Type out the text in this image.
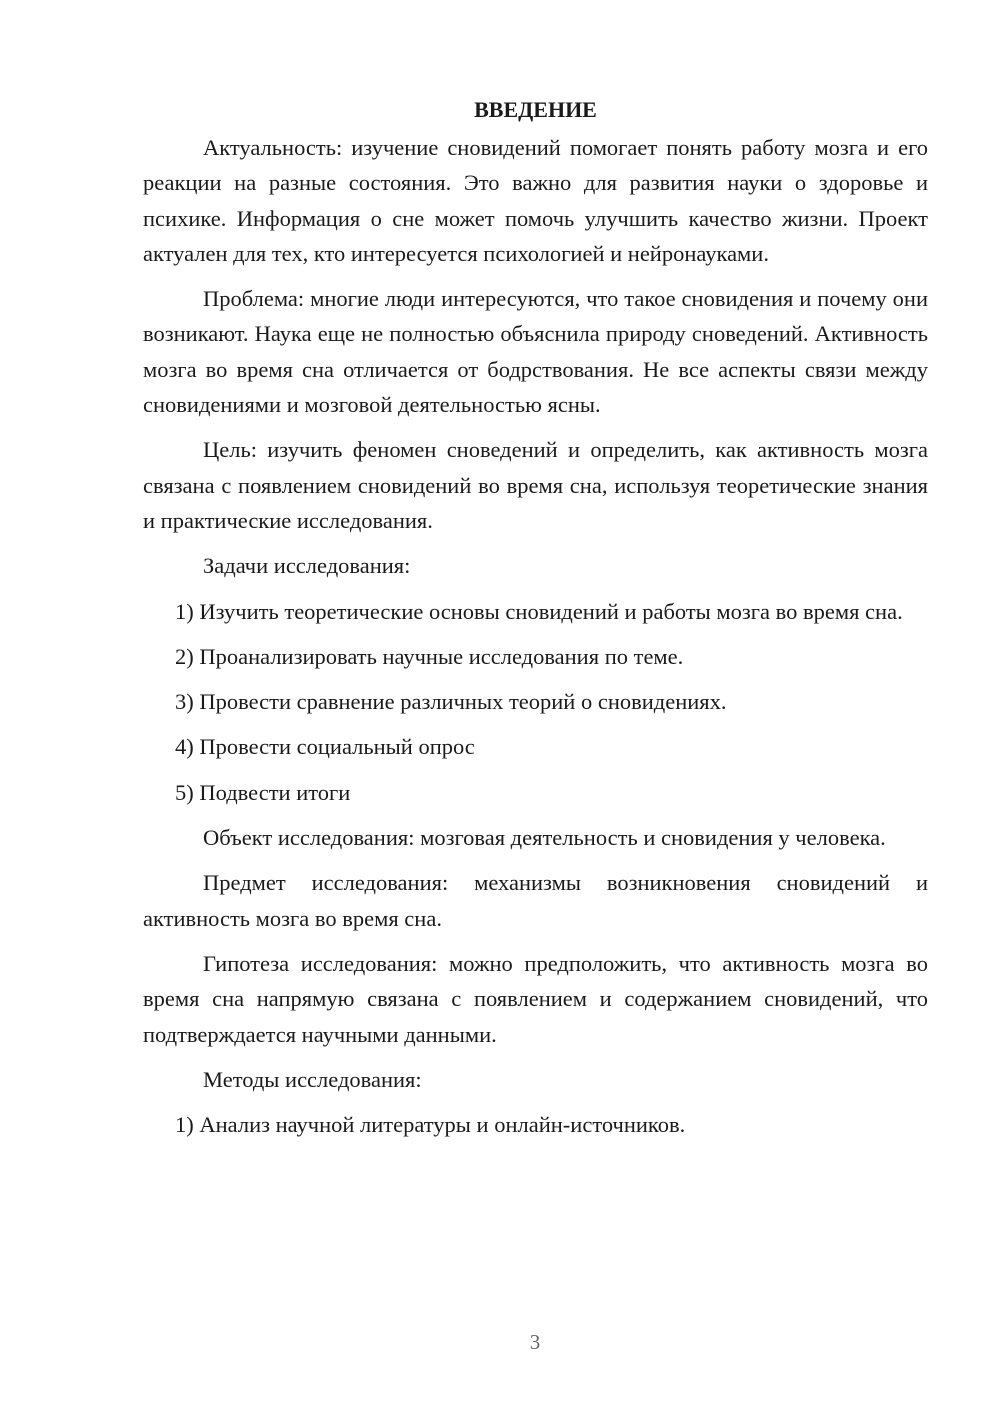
ВВЕДЕНИЕ

Актуальность: изучение сновидений помогает понять работу мозга и его реакции на разные состояния. Это важно для развития науки о здоровье и психике. Информация о сне может помочь улучшить качество жизни. Проект актуален для тех, кто интересуется психологией и нейронауками.

Проблема: многие люди интересуются, что такое сновидения и почему они возникают. Наука еще не полностью объяснила природу сноведений. Активность мозга во время сна отличается от бодрствования. Не все аспекты связи между сновидениями и мозговой деятельностью ясны.

Цель: изучить феномен сноведений и определить, как активность мозга связана с появлением сновидений во время сна, используя теоретические знания и практические исследования.

Задачи исследования:

1) Изучить теоретические основы сновидений и работы мозга во время сна.

2) Проанализировать научные исследования по теме.

3) Провести сравнение различных теорий о сновидениях.

4) Провести социальный опрос

5) Подвести итоги

Объект исследования: мозговая деятельность и сновидения у человека.

Предмет исследования: механизмы возникновения сновидений и активность мозга во время сна.

Гипотеза исследования: можно предположить, что активность мозга во время сна напрямую связана с появлением и содержанием сновидений, что подтверждается научными данными.

Методы исследования:

1) Анализ научной литературы и онлайн-источников.

3
